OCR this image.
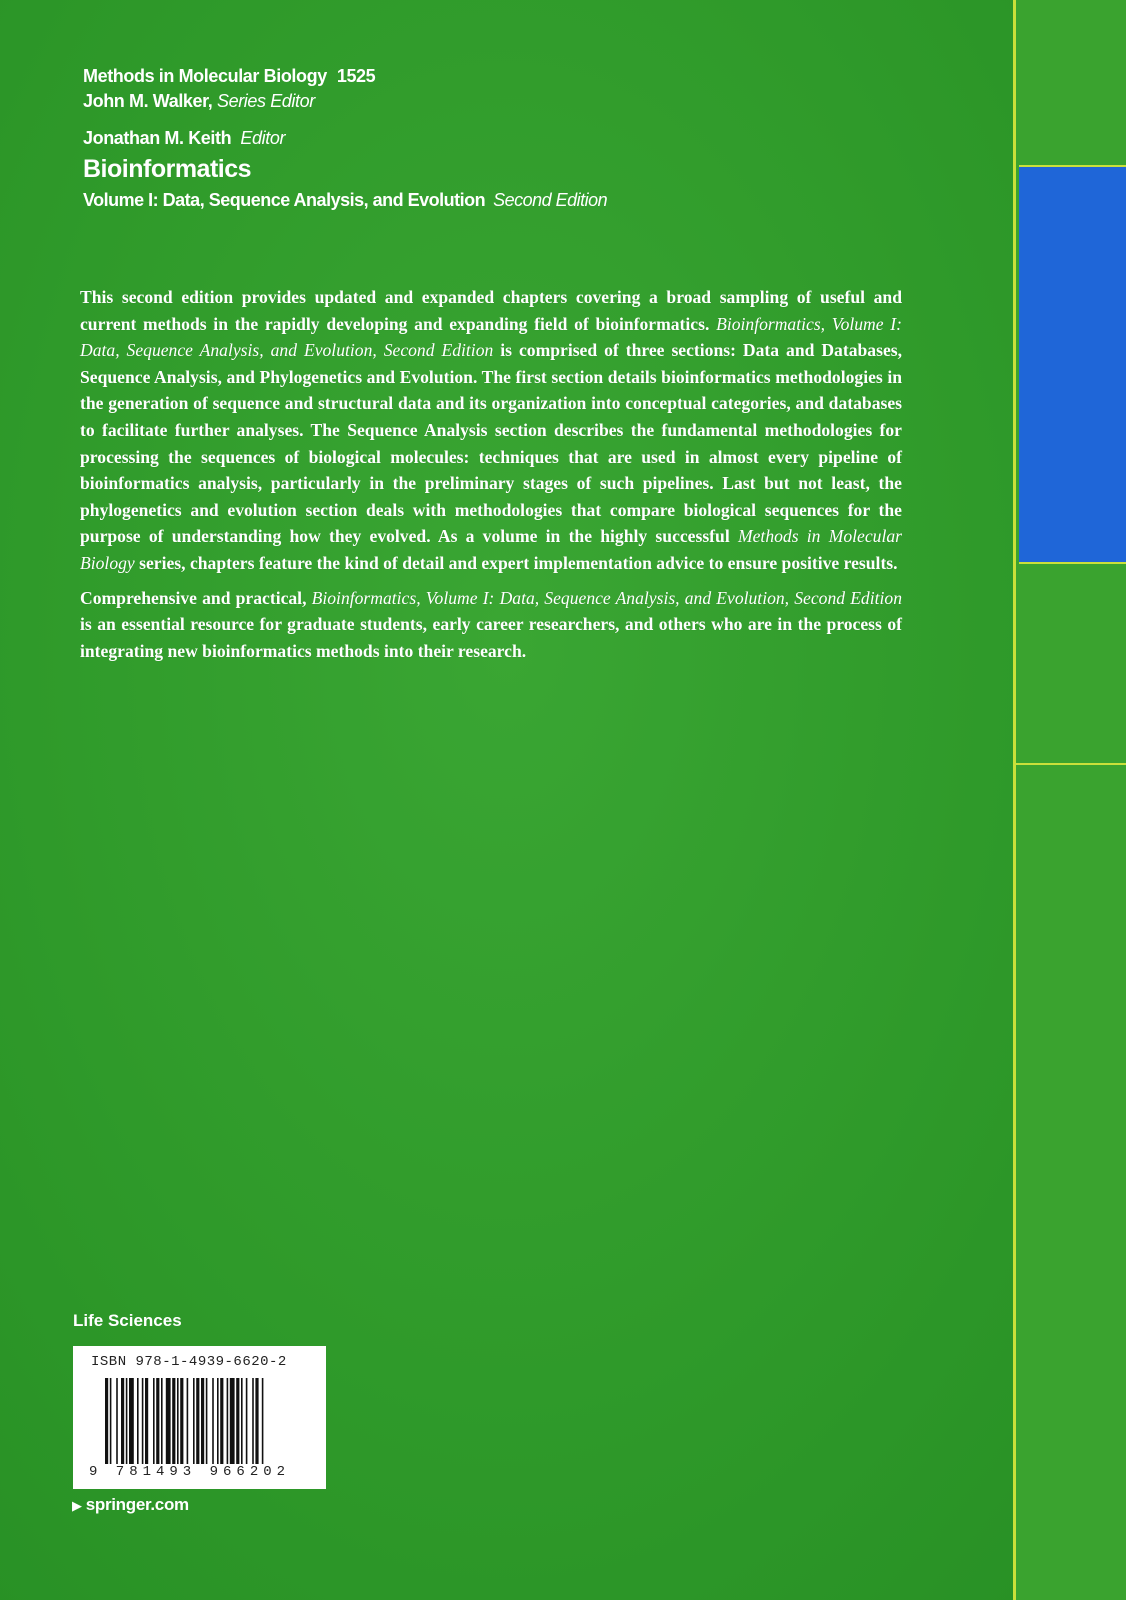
Methods in Molecular Biology 1525
John M. Walker, Series Editor
Jonathan M. Keith Editor
Bioinformatics
Volume I: Data, Sequence Analysis, and Evolution Second Edition

This second edition provides updated and expanded chapters covering a broad sampling of useful and current methods in the rapidly developing and expanding field of bioinformatics. Bioinformatics, Volume I: Data, Sequence Analysis, and Evolution, Second Edition is comprised of three sections: Data and Databases, Sequence Analysis, and Phylogenetics and Evolution. The first section details bioinformatics methodologies in the generation of sequence and structural data and its organization into conceptual categories, and databases to facilitate further analyses. The Sequence Analysis section describes the fundamental methodologies for processing the sequences of biological molecules: techniques that are used in almost every pipeline of bioinformatics analysis, particularly in the preliminary stages of such pipelines. Last but not least, the phylogenetics and evolution section deals with methodologies that compare biological sequences for the purpose of understanding how they evolved. As a volume in the highly successful Methods in Molecular Biology series, chapters feature the kind of detail and expert implementation advice to ensure positive results.

Comprehensive and practical, Bioinformatics, Volume I: Data, Sequence Analysis, and Evolution, Second Edition is an essential resource for graduate students, early career researchers, and others who are in the process of integrating new bioinformatics methods into their research.

Life Sciences
ISBN 978-1-4939-6620-2
9 781493 966202
▶ springer.com
